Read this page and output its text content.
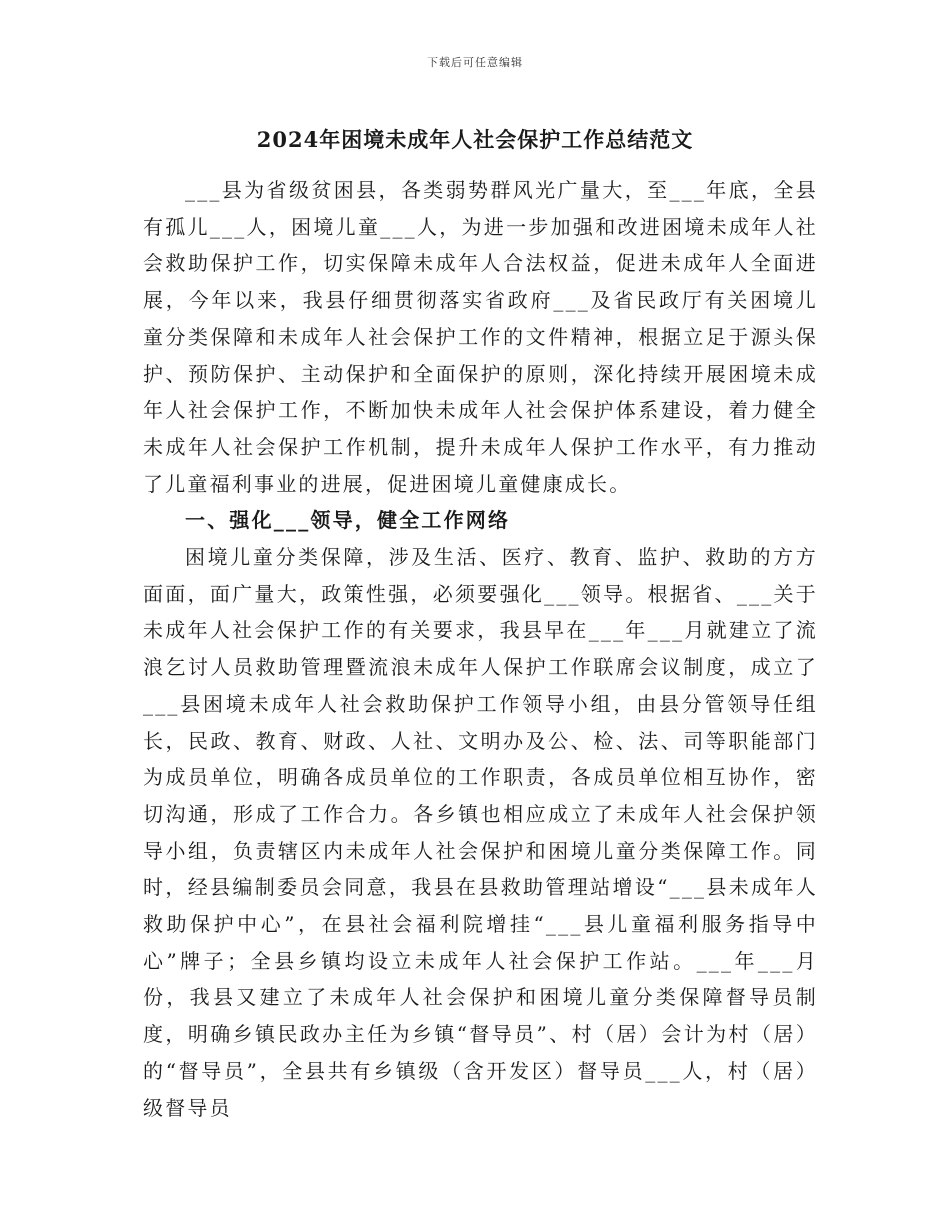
下载后可任意编辑
2024年困境未成年人社会保护工作总结范文

___县为省级贫困县，各类弱势群风光广量大，至___年底，全县有孤儿___人，困境儿童___人，为进一步加强和改进困境未成年人社会救助保护工作，切实保障未成年人合法权益，促进未成年人全面进展，今年以来，我县仔细贯彻落实省政府___及省民政厅有关困境儿童分类保障和未成年人社会保护工作的文件精神，根据立足于源头保护、预防保护、主动保护和全面保护的原则，深化持续开展困境未成年人社会保护工作，不断加快未成年人社会保护体系建设，着力健全未成年人社会保护工作机制，提升未成年人保护工作水平，有力推动了儿童福利事业的进展，促进困境儿童健康成长。

一、强化___领导，健全工作网络

困境儿童分类保障，涉及生活、医疗、教育、监护、救助的方方面面，面广量大，政策性强，必须要强化___领导。根据省、___关于未成年人社会保护工作的有关要求，我县早在___年___月就建立了流浪乞讨人员救助管理暨流浪未成年人保护工作联席会议制度，成立了___县困境未成年人社会救助保护工作领导小组，由县分管领导任组长，民政、教育、财政、人社、文明办及公、检、法、司等职能部门为成员单位，明确各成员单位的工作职责，各成员单位相互协作，密切沟通，形成了工作合力。各乡镇也相应成立了未成年人社会保护领导小组，负责辖区内未成年人社会保护和困境儿童分类保障工作。同时，经县编制委员会同意，我县在县救助管理站增设“___县未成年人救助保护中心”，在县社会福利院增挂“___县儿童福利服务指导中心”牌子；全县乡镇均设立未成年人社会保护工作站。___年___月份，我县又建立了未成年人社会保护和困境儿童分类保障督导员制度，明确乡镇民政办主任为乡镇“督导员”、村（居）会计为村（居）的“督导员”，全县共有乡镇级（含开发区）督导员___人，村（居）级督导员
